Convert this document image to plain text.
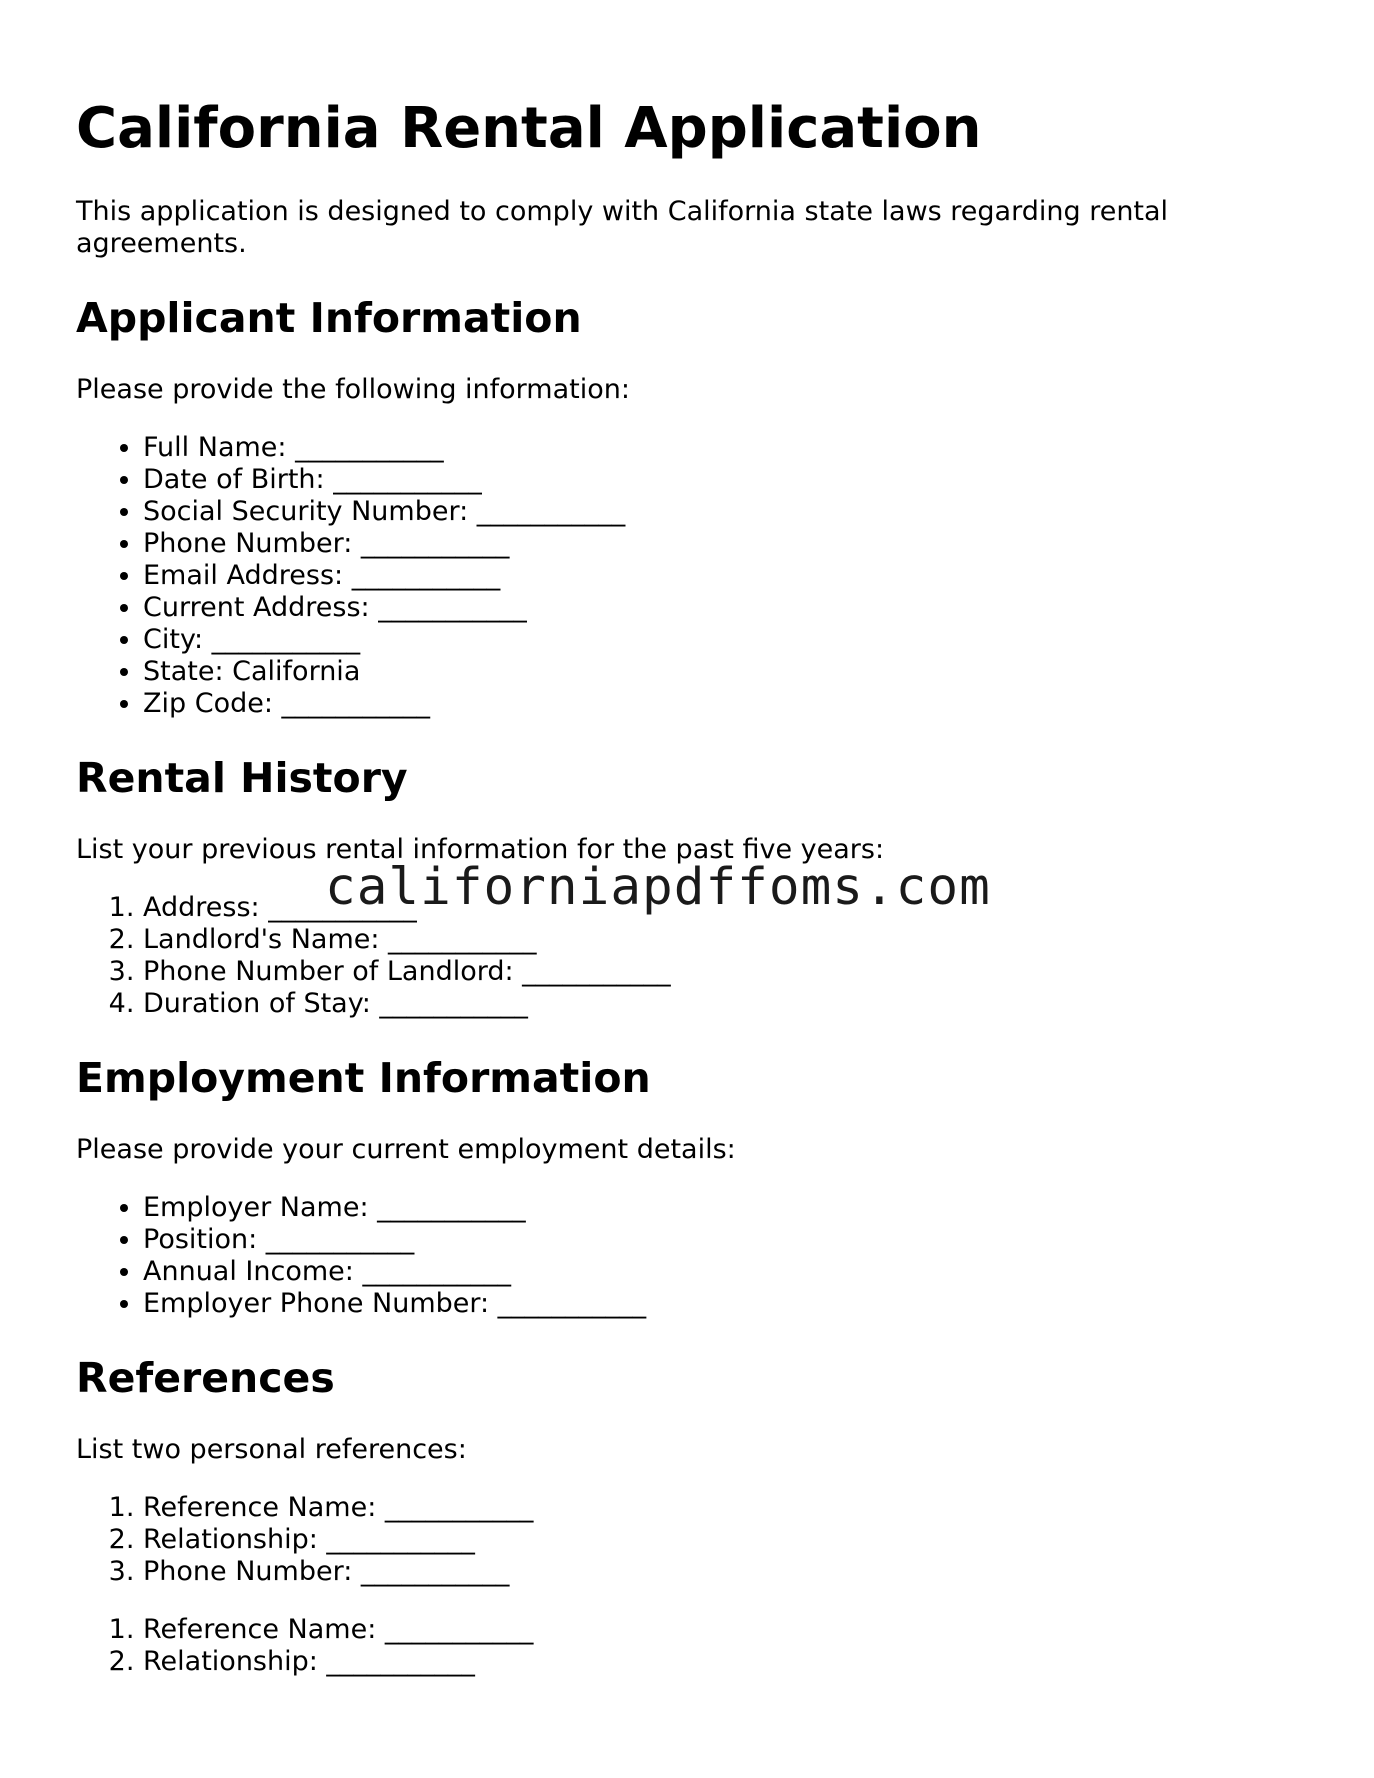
California Rental Application

This application is designed to comply with California state laws regarding rental agreements.

Applicant Information

Please provide the following information:

• Full Name: ___________
• Date of Birth: ___________
• Social Security Number: ___________
• Phone Number: ___________
• Email Address: ___________
• Current Address: ___________
• City: ___________
• State: California
• Zip Code: ___________
Rental History

List your previous rental information for the past five years:

1. Address: ___________
2. Landlord's Name: ___________
3. Phone Number of Landlord: ___________
4. Duration of Stay: ___________
Employment Information

Please provide your current employment details:

• Employer Name: ___________
• Position: ___________
• Annual Income: ___________
• Employer Phone Number: ___________
References

List two personal references:

1. Reference Name: ___________
2. Relationship: ___________
3. Phone Number: ___________
1. Reference Name: ___________
2. Relationship: ___________
californiapdffoms.com
